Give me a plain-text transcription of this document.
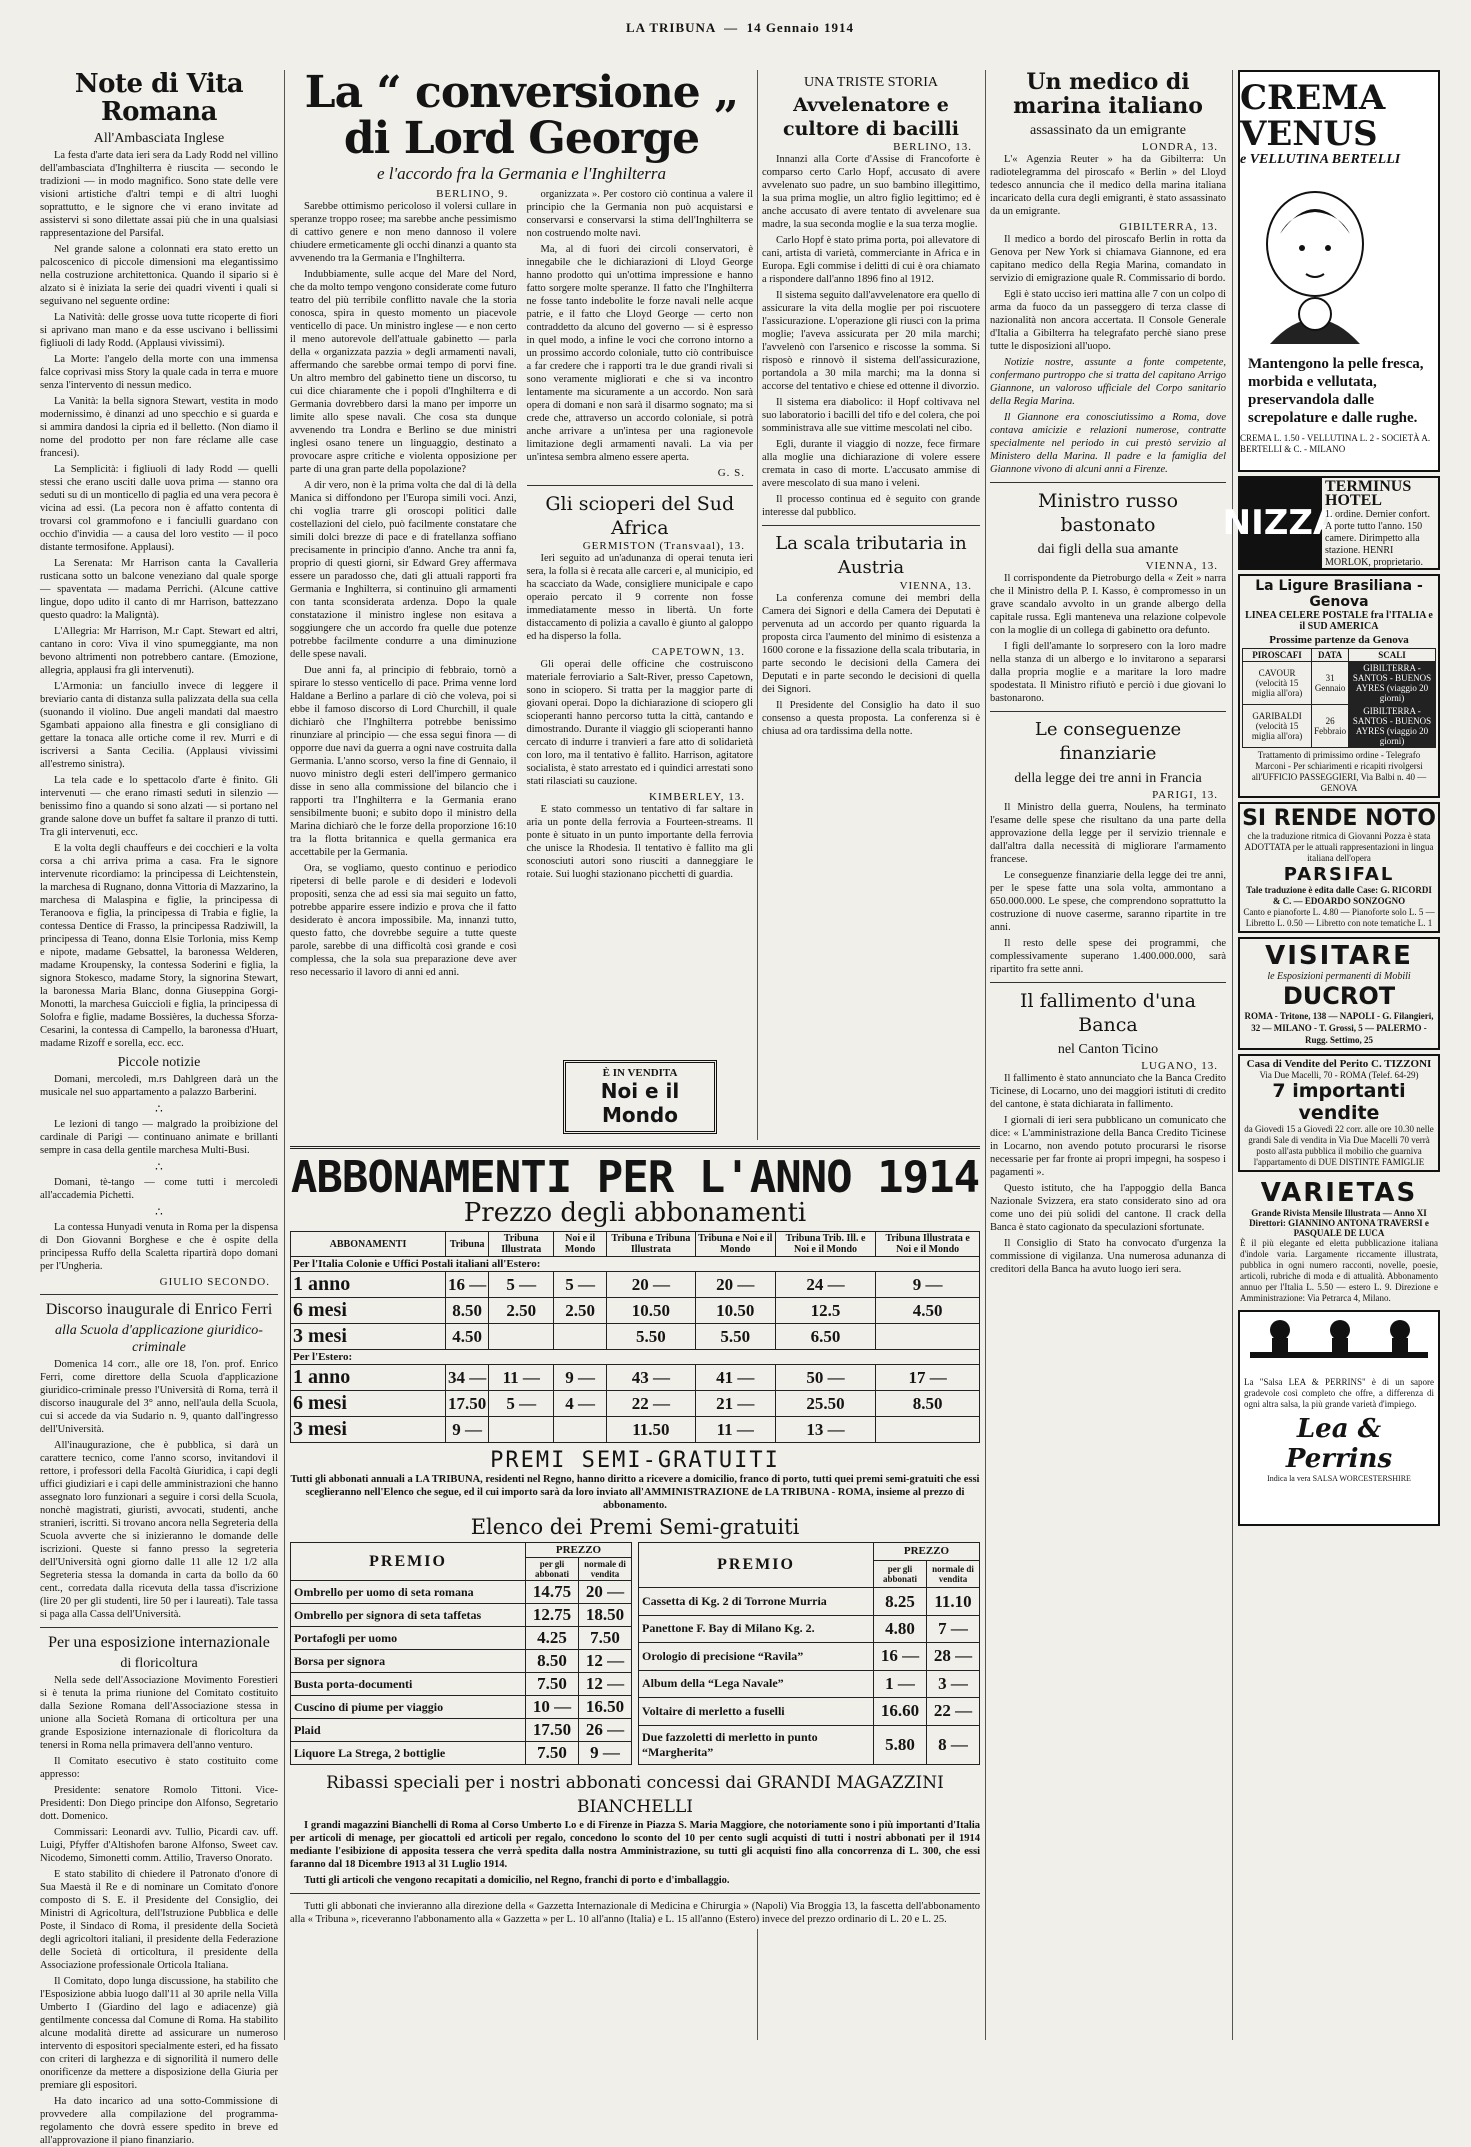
LA TRIBUNA  —  14 Gennaio 1914
Note di Vita Romana
All'Ambasciata Inglese

La festa d'arte data ieri sera da Lady Rodd nel villino dell'ambasciata d'Inghilterra è riuscita — secondo le tradizioni — in modo magnifico. Sono state delle vere visioni artistiche d'altri tempi e di altri luoghi soprattutto, e le signore che vi erano invitate ad assistervi si sono dilettate assai più che in una qualsiasi rappresentazione del Parsifal.

Nel grande salone a colonnati era stato eretto un palcoscenico di piccole dimensioni ma elegantissimo nella costruzione architettonica. Quando il sipario si è alzato si è iniziata la serie dei quadri viventi i quali si seguivano nel seguente ordine:

La Natività: delle grosse uova tutte ricoperte di fiori si aprivano man mano e da esse uscivano i bellissimi figliuoli di lady Rodd. (Applausi vivissimi).

La Morte: l'angelo della morte con una immensa falce coprivasi miss Story la quale cada in terra e muore senza l'intervento di nessun medico.

La Vanità: la bella signora Stewart, vestita in modo modernissimo, è dinanzi ad uno specchio e si guarda e si ammira dandosi la cipria ed il belletto. (Non diamo il nome del prodotto per non fare réclame alle case francesi).

La Semplicità: i figliuoli di lady Rodd — quelli stessi che erano usciti dalle uova prima — stanno ora seduti su di un monticello di paglia ed una vera pecora è vicina ad essi. (La pecora non è affatto contenta di trovarsi col grammofono e i fanciulli guardano con occhio d'invidia — a causa del loro vestito — il poco distante termosifone. Applausi).

La Serenata: Mr Harrison canta la Cavalleria rusticana sotto un balcone veneziano dal quale sporge — spaventata — madama Perrichi. (Alcune cattive lingue, dopo udito il canto di mr Harrison, battezzano questo quadro: la Maligntà).

L'Allegria: Mr Harrison, M.r Capt. Stewart ed altri, cantano in coro: Viva il vino spumeggiante, ma non bevono altrimenti non potrebbero cantare. (Emozione, allegria, applausi fra gli intervenuti).

L'Armonia: un fanciullo invece di leggere il breviario canta di distanza sulla palizzata della sua cella (suonando il violino. Due angeli mandati dal maestro Sgambati appaiono alla finestra e gli consigliano di gettare la tonaca alle ortiche come il rev. Murri e di iscriversi a Santa Cecilia. (Applausi vivissimi all'estremo sinistra).

La tela cade e lo spettacolo d'arte è finito. Gli intervenuti — che erano rimasti seduti in silenzio — benissimo fino a quando si sono alzati — si portano nel grande salone dove un buffet fa saltare il pranzo di tutti. Tra gli intervenuti, ecc.

E la volta degli chauffeurs e dei cocchieri e la volta corsa a chi arriva prima a casa. Fra le signore intervenute ricordiamo: la principessa di Leichtenstein, la marchesa di Rugnano, donna Vittoria di Mazzarino, la marchesa di Malaspina e figlie, la principessa di Teranoova e figlia, la principessa di Trabia e figlie, la contessa Dentice di Frasso, la principessa Radziwill, la principessa di Teano, donna Elsie Torlonia, miss Kemp e nipote, madame Gebsattel, la baronessa Welderen, madame Kroupensky, la contessa Soderini e figlia, la signora Stokesco, madame Story, la signorina Stewart, la baronessa Maria Blanc, donna Giuseppina Gorgi-Monotti, la marchesa Guiccioli e figlia, la principessa di Solofra e figlie, madame Bossières, la duchessa Sforza-Cesarini, la contessa di Campello, la baronessa d'Huart, madame Rizoff e sorella, ecc. ecc.

Piccole notizie

Domani, mercoledì, m.rs Dahlgreen darà un the musicale nel suo appartamento a palazzo Barberini.

∴

Le lezioni di tango — malgrado la proibizione del cardinale di Parigi — continuano animate e brillanti sempre in casa della gentile marchesa Multi-Busi.

∴

Domani, tè-tango — come tutti i mercoledì all'accademia Pichetti.

∴

La contessa Hunyadi venuta in Roma per la dispensa di Don Giovanni Borghese e che è ospite della principessa Ruffo della Scaletta ripartirà dopo domani per l'Ungheria.

GIULIO SECONDO.
Discorso inaugurale di Enrico Ferri
alla Scuola d'applicazione giuridico-criminale

Domenica 14 corr., alle ore 18, l'on. prof. Enrico Ferri, come direttore della Scuola d'applicazione giuridico-criminale presso l'Università di Roma, terrà il discorso inaugurale del 3° anno, nell'aula della Scuola, cui si accede da via Sudario n. 9, quanto dall'ingresso dell'Università.

All'inaugurazione, che è pubblica, si darà un carattere tecnico, come l'anno scorso, invitandovi il rettore, i professori della Facoltà Giuridica, i capi degli uffici giudiziari e i capi delle amministrazioni che hanno assegnato loro funzionari a seguire i corsi della Scuola, nonchè magistrati, giuristi, avvocati, studenti, anche stranieri, iscritti. Si trovano ancora nella Segreteria della Scuola avverte che si inizieranno le domande delle iscrizioni. Queste si fanno presso la segreteria dell'Università ogni giorno dalle 11 alle 12 1/2 alla Segreteria stessa la domanda in carta da bollo da 60 cent., corredata dalla ricevuta della tassa d'iscrizione (lire 20 per gli studenti, lire 50 per i laureati). Tale tassa si paga alla Cassa dell'Università.

Per una esposizione internazionale
di floricoltura

Nella sede dell'Associazione Movimento Forestieri si è tenuta la prima riunione del Comitato costituito dalla Sezione Romana dell'Associazione stessa in unione alla Società Romana di orticoltura per una grande Esposizione internazionale di floricoltura da tenersi in Roma nella primavera dell'anno venturo.

Il Comitato esecutivo è stato costituito come appresso:

Presidente: senatore Romolo Tittoni. Vice-Presidenti: Don Diego principe don Alfonso, Segretario dott. Domenico.

Commissari: Leonardi avv. Tullio, Picardi cav. uff. Luigi, Pfyffer d'Altishofen barone Alfonso, Sweet cav. Nicodemo, Simonetti comm. Attilio, Traverso Onorato.

E stato stabilito di chiedere il Patronato d'onore di Sua Maestà il Re e di nominare un Comitato d'onore composto di S. E. il Presidente del Consiglio, dei Ministri di Agricoltura, dell'Istruzione Pubblica e delle Poste, il Sindaco di Roma, il presidente della Società degli agricoltori italiani, il presidente della Federazione delle Società di orticoltura, il presidente della Associazione professionale Orticola Italiana.

Il Comitato, dopo lunga discussione, ha stabilito che l'Esposizione abbia luogo dall'11 al 30 aprile nella Villa Umberto I (Giardino del lago e adiacenze) già gentilmente concessa dal Comune di Roma. Ha stabilito alcune modalità dirette ad assicurare un numeroso intervento di espositori specialmente esteri, ed ha fissato con criteri di larghezza e di signorilità il numero delle onorificenze da mettere a disposizione della Giuria per premiare gli espositori.

Ha dato incarico ad una sotto-Commissione di provvedere alla compilazione del programma-regolamento che dovrà essere spedito in breve ed all'approvazione il piano finanziario.

La “ conversione „ di Lord George
e l'accordo fra la Germania e l'Inghilterra
BERLINO, 9.

Sarebbe ottimismo pericoloso il volersi cullare in speranze troppo rosee; ma sarebbe anche pessimismo di cattivo genere e non meno dannoso il volere chiudere ermeticamente gli occhi dinanzi a quanto sta avvenendo tra la Germania e l'Inghilterra.

Indubbiamente, sulle acque del Mare del Nord, che da molto tempo vengono considerate come futuro teatro del più terribile conflitto navale che la storia conosca, spira in questo momento un piacevole venticello di pace. Un ministro inglese — e non certo il meno autorevole dell'attuale gabinetto — parla della « organizzata pazzia » degli armamenti navali, affermando che sarebbe ormai tempo di porvi fine. Un altro membro del gabinetto tiene un discorso, tu cui dice chiaramente che i popoli d'Inghilterra e di Germania dovrebbero darsi la mano per imporre un limite allo spese navali. Che cosa sta dunque avvenendo tra Londra e Berlino se due ministri inglesi osano tenere un linguaggio, destinato a provocare aspre critiche e violenta opposizione per parte di una gran parte della popolazione?

A dir vero, non è la prima volta che dal di là della Manica si diffondono per l'Europa simili voci. Anzi, chi voglia trarre gli oroscopi politici dalle costellazioni del cielo, può facilmente constatare che simili dolci brezze di pace e di fratellanza soffiano precisamente in principio d'anno. Anche tra anni fa, proprio di questi giorni, sir Edward Grey affermava essere un paradosso che, dati gli attuali rapporti fra Germania e Inghilterra, si continuino gli armamenti con tanta sconsiderata ardenza. Dopo la quale constatazione il ministro inglese non esitava a soggiungere che un accordo fra quelle due potenze potrebbe facilmente condurre a una diminuzione delle spese navali.

Due anni fa, al principio di febbraio, tornò a spirare lo stesso venticello di pace. Prima venne lord Haldane a Berlino a parlare di ciò che voleva, poi si ebbe il famoso discorso di Lord Churchill, il quale dichiarò che l'Inghilterra potrebbe benissimo rinunziare al principio — che essa segui finora — di opporre due navi da guerra a ogni nave costruita dalla Germania. L'anno scorso, verso la fine di Gennaio, il nuovo ministro degli esteri dell'impero germanico disse in seno alla commissione del bilancio che i rapporti tra l'Inghilterra e la Germania erano sensibilmente buoni; e subito dopo il ministro della Marina dichiarò che le forze della proporzione 16:10 tra la flotta britannica e quella germanica era accettabile per la Germania.

Ora, se vogliamo, questo continuo e periodico ripetersi di belle parole e di desideri e lodevoli propositi, senza che ad essi sia mai seguito un fatto, potrebbe apparire essere indizio e prova che il fatto desiderato è ancora impossibile. Ma, innanzi tutto, questo fatto, che dovrebbe seguire a tutte queste parole, sarebbe di una difficoltà così grande e così complessa, che la sola sua preparazione deve aver reso necessario il lavoro di anni ed anni.

organizzata ». Per costoro ciò continua a valere il principio che la Germania non può acquistarsi e conservarsi e conservarsi la stima dell'Inghilterra se non costruendo molte navi.

Ma, al di fuori dei circoli conservatori, è innegabile che le dichiarazioni di Lloyd George hanno prodotto qui un'ottima impressione e hanno fatto sorgere molte speranze. Il fatto che l'Inghilterra ne fosse tanto indebolite le forze navali nelle acque patrie, e il fatto che Lloyd George — certo non contraddetto da alcuno del governo — si è espresso in quel modo, a infine le voci che corrono intorno a un prossimo accordo coloniale, tutto ciò contribuisce a far credere che i rapporti tra le due grandi rivali si sono veramente migliorati e che si va incontro lentamente ma sicuramente a un accordo. Non sarà opera di domani e non sarà il disarmo sognato; ma si crede che, attraverso un accordo coloniale, si potrà anche arrivare a un'intesa per una ragionevole limitazione degli armamenti navali. La via per un'intesa sembra almeno essere aperta.

G. S.
Gli scioperi del Sud Africa
GERMISTON (Transvaal), 13.

Ieri seguito ad un'adunanza di operai tenuta ieri sera, la folla si è recata alle carceri e, al municipio, ed ha scacciato da Wade, consigliere municipale e capo operaio percato il 9 corrente non fosse immediatamente messo in libertà. Un forte distaccamento di polizia a cavallo è giunto al galoppo ed ha disperso la folla.

CAPETOWN, 13.

Gli operai delle officine che costruiscono materiale ferroviario a Salt-River, presso Capetown, sono in sciopero. Si tratta per la maggior parte di giovani operai. Dopo la dichiarazione di sciopero gli scioperanti hanno percorso tutta la città, cantando e dimostrando. Durante il viaggio gli scioperanti hanno cercato di indurre i tranvieri a fare atto di solidarietà con loro, ma il tentativo è fallito. Harrison, agitatore socialista, è stato arrestato ed i quindici arrestati sono stati rilasciati su cauzione.

KIMBERLEY, 13.

E stato commesso un tentativo di far saltare in aria un ponte della ferrovia a Fourteen-streams. Il ponte è situato in un punto importante della ferrovia che unisce la Rhodesia. Il tentativo è fallito ma gli sconosciuti autori sono riusciti a danneggiare le rotaie. Sui luoghi stazionano picchetti di guardia.

UNA TRISTE STORIA
Avvelenatore e cultore di bacilli
BERLINO, 13.

Innanzi alla Corte d'Assise di Francoforte è comparso certo Carlo Hopf, accusato di avere avvelenato suo padre, un suo bambino illegittimo, la sua prima moglie, un altro figlio legittimo; ed è anche accusato di avere tentato di avvelenare sua madre, la sua seconda moglie e la sua terza moglie.

Carlo Hopf è stato prima porta, poi allevatore di cani, artista di varietà, commerciante in Africa e in Europa. Egli commise i delitti di cui è ora chiamato a rispondere dall'anno 1896 fino al 1912.

Il sistema seguito dall'avvelenatore era quello di assicurare la vita della moglie per poi riscuotere l'assicurazione. L'operazione gli riuscì con la prima moglie; l'aveva assicurata per 20 mila marchi; l'avvelenò con l'arsenico e riscosse la somma. Si risposò e rinnovò il sistema dell'assicurazione, portandola a 30 mila marchi; ma la donna si accorse del tentativo e chiese ed ottenne il divorzio.

Il sistema era diabolico: il Hopf coltivava nel suo laboratorio i bacilli del tifo e del colera, che poi somministrava alle sue vittime mescolati nel cibo.

Egli, durante il viaggio di nozze, fece firmare alla moglie una dichiarazione di volere essere cremata in caso di morte. L'accusato ammise di avere mescolato di sua mano i veleni.

Il processo continua ed è seguito con grande interesse dal pubblico.

La scala tributaria in Austria
VIENNA, 13.

La conferenza comune dei membri della Camera dei Signori e della Camera dei Deputati è pervenuta ad un accordo per quanto riguarda la proposta circa l'aumento del minimo di esistenza a 1600 corone e la fissazione della scala tributaria, in parte secondo le decisioni della Camera dei Deputati e in parte secondo le decisioni di quella dei Signori.

Il Presidente del Consiglio ha dato il suo consenso a questa proposta. La conferenza si è chiusa ad ora tardissima della notte.

È IN VENDITA
Noi e il Mondo
Un medico di marina italiano
assassinato da un emigrante
LONDRA, 13.

L'« Agenzia Reuter » ha da Gibilterra: Un radiotelegramma del piroscafo « Berlin » del Lloyd tedesco annuncia che il medico della marina italiana incaricato della cura degli emigranti, è stato assassinato da un emigrante.

GIBILTERRA, 13.

Il medico a bordo del piroscafo Berlin in rotta da Genova per New York si chiamava Giannone, ed era capitano medico della Regia Marina, comandato in servizio di emigrazione quale R. Commissario di bordo.

Egli è stato ucciso ieri mattina alle 7 con un colpo di arma da fuoco da un passeggero di terza classe di nazionalità non ancora accertata. Il Console Generale d'Italia a Gibilterra ha telegrafato perchè siano prese tutte le disposizioni all'uopo.

Notizie nostre, assunte a fonte competente, confermano purtroppo che si tratta del capitano Arrigo Giannone, un valoroso ufficiale del Corpo sanitario della Regia Marina.

Il Giannone era conosciutissimo a Roma, dove contava amicizie e relazioni numerose, contratte specialmente nel periodo in cui prestò servizio al Ministero della Marina. Il padre e la famiglia del Giannone vivono di alcuni anni a Firenze.

Ministro russo bastonato
dai figli della sua amante
VIENNA, 13.

Il corrispondente da Pietroburgo della « Zeit » narra che il Ministro della P. I. Kasso, è compromesso in un grave scandalo avvolto in un grande albergo della capitale russa. Egli manteneva una relazione colpevole con la moglie di un collega di gabinetto ora defunto.

I figli dell'amante lo sorpresero con la loro madre nella stanza di un albergo e lo invitarono a separarsi dalla propria moglie e a maritare la loro madre spodestata. Il Ministro rifiutò e perciò i due giovani lo bastonarono.

Le conseguenze finanziarie
della legge dei tre anni in Francia
PARIGI, 13.

Il Ministro della guerra, Noulens, ha terminato l'esame delle spese che risultano da una parte della approvazione della legge per il servizio triennale e dall'altra dalla necessità di migliorare l'armamento francese.

Le conseguenze finanziarie della legge dei tre anni, per le spese fatte una sola volta, ammontano a 650.000.000. Le spese, che comprendono soprattutto la costruzione di nuove caserme, saranno ripartite in tre anni.

Il resto delle spese dei programmi, che complessivamente superano 1.400.000.000, sarà ripartito fra sette anni.

Il fallimento d'una Banca
nel Canton Ticino
LUGANO, 13.

Il fallimento è stato annunciato che la Banca Credito Ticinese, di Locarno, uno dei maggiori istituti di credito del cantone, è stata dichiarata in fallimento.

I giornali di ieri sera pubblicano un comunicato che dice: « L'amministrazione della Banca Credito Ticinese in Locarno, non avendo potuto procurarsi le risorse necessarie per far fronte ai propri impegni, ha sospeso i pagamenti ».

Questo istituto, che ha l'appoggio della Banca Nazionale Svizzera, era stato considerato sino ad ora come uno dei più solidi del cantone. Il crack della Banca è stato cagionato da speculazioni sfortunate.

Il Consiglio di Stato ha convocato d'urgenza la commissione di vigilanza. Una numerosa adunanza di creditori della Banca ha avuto luogo ieri sera.

ABBONAMENTI PER L'ANNO 1914
Prezzo degli abbonamenti
ABBONAMENTI	Tribuna	Tribuna Illustrata	Noi e il Mondo	Tribuna e Tribuna Illustrata	Tribuna e Noi e il Mondo	Tribuna Trib. Ill. e Noi e il Mondo	Tribuna Illustrata e Noi e il Mondo
Per l'Italia Colonie e Uffici Postali italiani all'Estero:							
1 anno	16 —	5 —	5 —	20 —	20 —	24 —	9 —
6 mesi	8.50	2.50	2.50	10.50	10.50	12.5	4.50
3 mesi	4.50			5.50	5.50	6.50	
Per l'Estero:							
1 anno	34 —	11 —	9 —	43 —	41 —	50 —	17 —
6 mesi	17.50	5 —	4 —	22 —	21 —	25.50	8.50
3 mesi	9 —			11.50	11 —	13 —	
PREMI SEMI-GRATUITI

Tutti gli abbonati annuali a LA TRIBUNA, residenti nel Regno, hanno diritto a ricevere a domicilio, franco di porto, tutti quei premi semi-gratuiti che essi sceglieranno nell'Elenco che segue, ed il cui importo sarà da loro inviato all'AMMINISTRAZIONE de LA TRIBUNA - ROMA, insieme al prezzo di abbonamento.

Elenco dei Premi Semi-gratuiti
PREMIO	PREZZO	
	per gli abbonati	normale di vendita
Ombrello per uomo di seta romana	14.75	20 —
Ombrello per signora di seta taffetas	12.75	18.50
Portafogli per uomo	4.25	7.50
Borsa per signora	8.50	12 —
Busta porta-documenti	7.50	12 —
Cuscino di piume per viaggio	10 —	16.50
Plaid	17.50	26 —
Liquore La Strega, 2 bottiglie	7.50	9 —
PREMIO	PREZZO	
	per gli abbonati	normale di vendita
Cassetta di Kg. 2 di Torrone Murria	8.25	11.10
Panettone F. Bay di Milano Kg. 2.	4.80	7 —
Orologio di precisione “Ravila”	16 —	28 —
Album della “Lega Navale”	1 —	3 —
Voltaire di merletto a fuselli	16.60	22 —
Due fazzoletti di merletto in punto “Margherita”	5.80	8 —
Ribassi speciali per i nostri abbonati concessi dai GRANDI MAGAZZINI BIANCHELLI

I grandi magazzini Bianchelli di Roma al Corso Umberto I.o e di Firenze in Piazza S. Maria Maggiore, che notoriamente sono i più importanti d'Italia per articoli di menage, per giocattoli ed articoli per regalo, concedono lo sconto del 10 per cento sugli acquisti di tutti i nostri abbonati per il 1914 mediante l'esibizione di apposita tessera che verrà spedita dalla nostra Amministrazione, su tutti gli acquisti fino alla concorrenza di L. 300, che essi faranno dal 18 Dicembre 1913 al 31 Luglio 1914.

Tutti gli articoli che vengono recapitati a domicilio, nel Regno, franchi di porto e d'imballaggio.

Tutti gli abbonati che invieranno alla direzione della « Gazzetta Internazionale di Medicina e Chirurgia » (Napoli) Via Broggia 13, la fascetta dell'abbonamento alla « Tribuna », riceveranno l'abbonamento alla « Gazzetta » per L. 10 all'anno (Italia) e L. 15 all'anno (Estero) invece del prezzo ordinario di L. 20 e L. 25.

CREMA VENUS
e VELLUTINA BERTELLI
Mantengono la pelle fresca, morbida e vellutata, preservandola dalle screpolature e dalle rughe.
CREMA L. 1.50 - VELLUTINA L. 2 - SOCIETÀ A. BERTELLI & C. - MILANO
NIZZA
TERMINUS HOTEL
1. ordine. Dernier confort. A porte tutto l'anno. 150 camere. Dirimpetto alla stazione. HENRI MORLOK, proprietario.
La Ligure Brasiliana - Genova
LINEA CELERE POSTALE fra l'ITALIA e il SUD AMERICA
Prossime partenze da Genova
PIROSCAFI	DATA	SCALI
CAVOUR (velocità 15 miglia all'ora)	31 Gennaio	GIBILTERRA - SANTOS - BUENOS AYRES (viaggio 20 giorni)
GARIBALDI (velocità 15 miglia all'ora)	26 Febbraio	GIBILTERRA - SANTOS - BUENOS AYRES (viaggio 20 giorni)
Trattamento di primissimo ordine - Telegrafo Marconi - Per schiarimenti e ricapiti rivolgersi all'UFFICIO PASSEGGIERI, Via Balbi n. 40 — GENOVA
SI RENDE NOTO
che la traduzione ritmica di Giovanni Pozza è stata ADOTTATA per le attuali rappresentazioni in lingua italiana dell'opera
PARSIFAL
Tale traduzione è edita dalle Case: G. RICORDI & C. — EDOARDO SONZOGNO
Canto e pianoforte L. 4.80 — Pianoforte solo L. 5 — Libretto L. 0.50 — Libretto con note tematiche L. 1
VISITARE
le Esposizioni permanenti di Mobili
DUCROT
ROMA - Tritone, 138 — NAPOLI - G. Filangieri, 32 — MILANO - T. Grossi, 5 — PALERMO - Rugg. Settimo, 25
Casa di Vendite del Perito C. TIZZONI
Via Due Macelli, 70 - ROMA (Telef. 64-29)
7 importanti vendite
da Giovedì 15 a Giovedì 22 corr. alle ore 10.30 nelle grandi Sale di vendita in Via Due Macelli 70 verrà posto all'asta pubblica il mobilio che guarniva l'appartamento di DUE DISTINTE FAMIGLIE
VARIETAS
Grande Rivista Mensile Illustrata — Anno XI
Direttori: GIANNINO ANTONA TRAVERSI e PASQUALE DE LUCA
È il più elegante ed eletta pubblicazione italiana d'indole varia. Largamente riccamente illustrata, pubblica in ogni numero racconti, novelle, poesie, articoli, rubriche di moda e di attualità. Abbonamento annuo per l'Italia L. 5.50 — estero L. 9. Direzione e Amministrazione: Via Petrarca 4, Milano.
La "Salsa LEA & PERRINS" è di un sapore gradevole così completo che offre, a differenza di ogni altra salsa, la più grande varietà d'impiego.
Lea & Perrins
Indica la vera SALSA WORCESTERSHIRE
